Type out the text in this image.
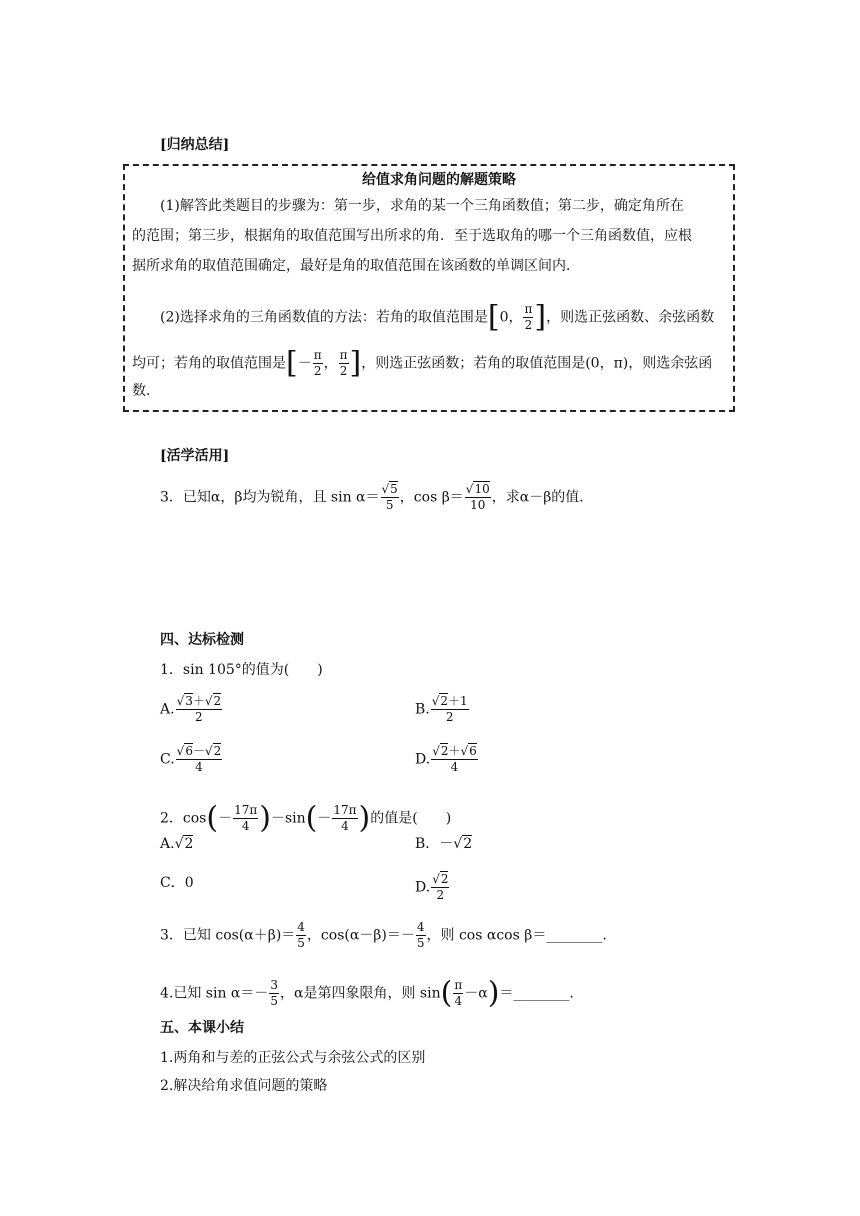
[归纳总结]
给值求角问题的解题策略
(1)解答此类题目的步骤为：第一步，求角的某一个三角函数值；第二步，确定角所在
的范围；第三步，根据角的取值范围写出所求的角．至于选取角的哪一个三角函数值，应根
据所求角的取值范围确定，最好是角的取值范围在该函数的单调区间内．
(2)选择求角的三角函数值的方法：若角的取值范围是[0， $\frac{\pi}{2}$ ]，则选正弦函数、余弦函数
均可；若角的取值范围是[－ $\frac{\pi}{2}$ ， $\frac{\pi}{2}$ ]，则选正弦函数；若角的取值范围是(0，π)，则选余弦函
数．
[活学活用]
3．已知α，β均为锐角，且 $\sin \alpha= \frac{√5}{5}$ ，$\cos \beta= \frac{√10}{10}$ ，求α－β的值．
四、达标检测
1．sin 105°的值为(　　)
A. $\frac{√3+√2}{2}$	B. $\frac{√2+1}{2}$
C. $\frac{√6-√2}{4}$	D. $\frac{√2+√6}{4}$
2．$\cos(- \frac{17\pi}{4} )-\sin(- \frac{17\pi}{4}$ )的值是(　　)
A.√2	B．－√2
C．0	D. $\frac{√2}{2}$
3．已知 $\cos(\alpha+\beta)= \frac{4}{5}$ ，$\cos(\alpha-\beta)=- \frac{4}{5}$ ，则 cos αcos β＝________.
4.已知 $\sin \alpha=- \frac{3}{5}$ ，α是第四象限角，则 $\sin( \frac{\pi}{4}$ －α)＝________.
五、本课小结
1.两角和与差的正弦公式与余弦公式的区别
2.解决给角求值问题的策略
